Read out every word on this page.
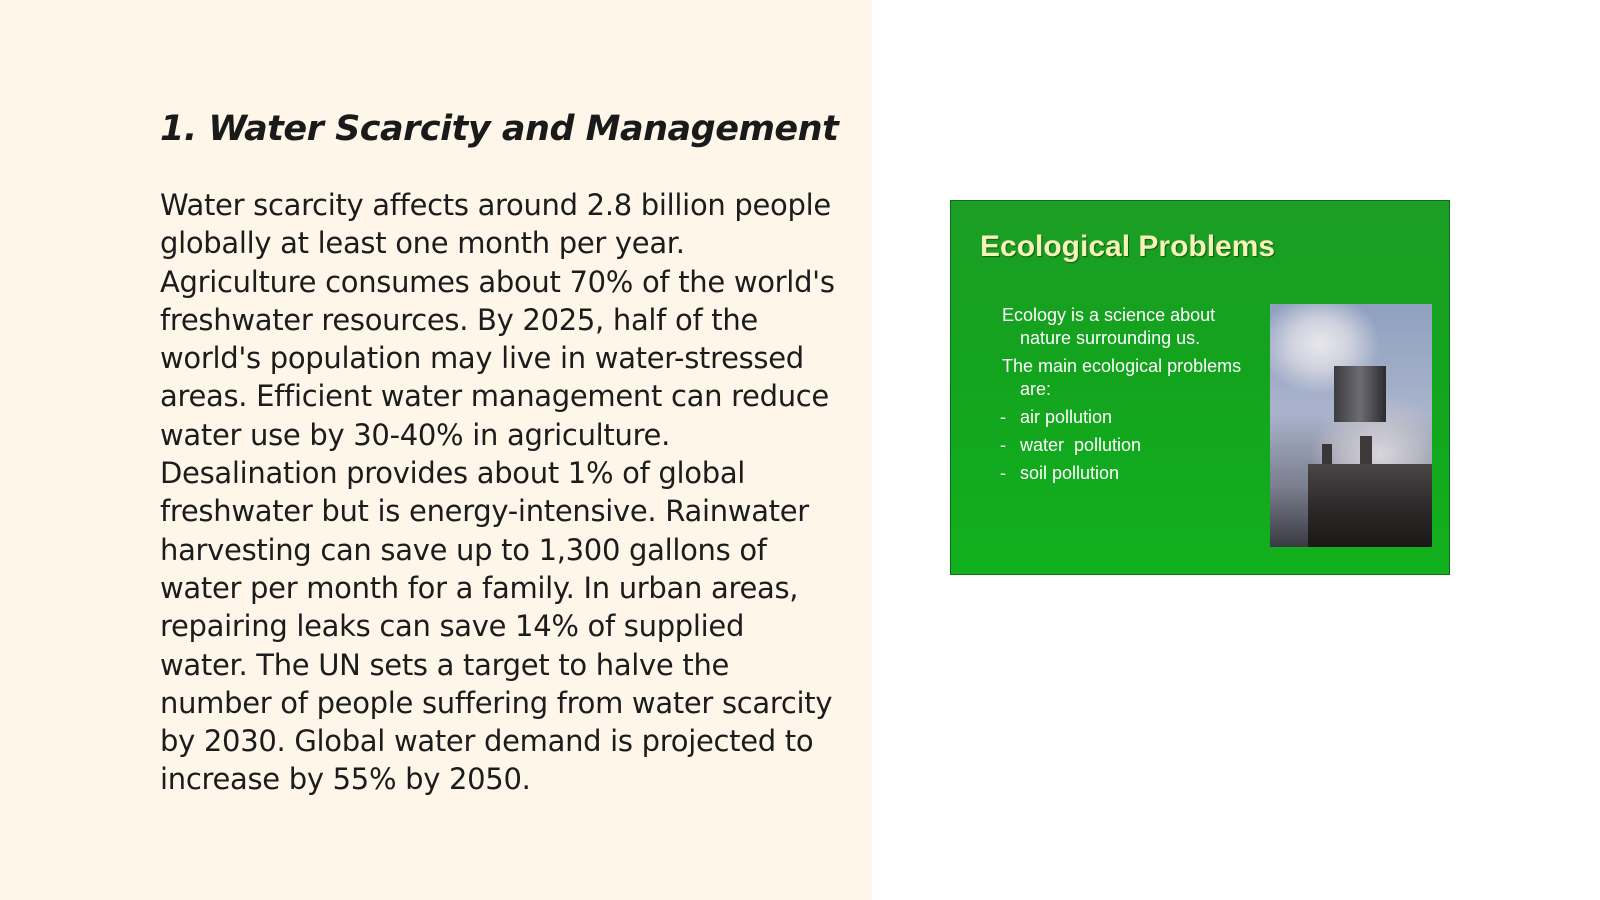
1. Water Scarcity and Management

Water scarcity affects around 2.8 billion people globally at least one month per year. Agriculture consumes about 70% of the world's freshwater resources. By 2025, half of the world's population may live in water-stressed areas. Efficient water management can reduce water use by 30-40% in agriculture. Desalination provides about 1% of global freshwater but is energy-intensive. Rainwater harvesting can save up to 1,300 gallons of water per month for a family. In urban areas, repairing leaks can save 14% of supplied water. The UN sets a target to halve the number of people suffering from water scarcity by 2030. Global water demand is projected to increase by 55% by 2050.

Ecological Problems
Ecology is a science about nature surrounding us.
The main ecological problems are:
- air pollution
- water  pollution
- soil pollution
